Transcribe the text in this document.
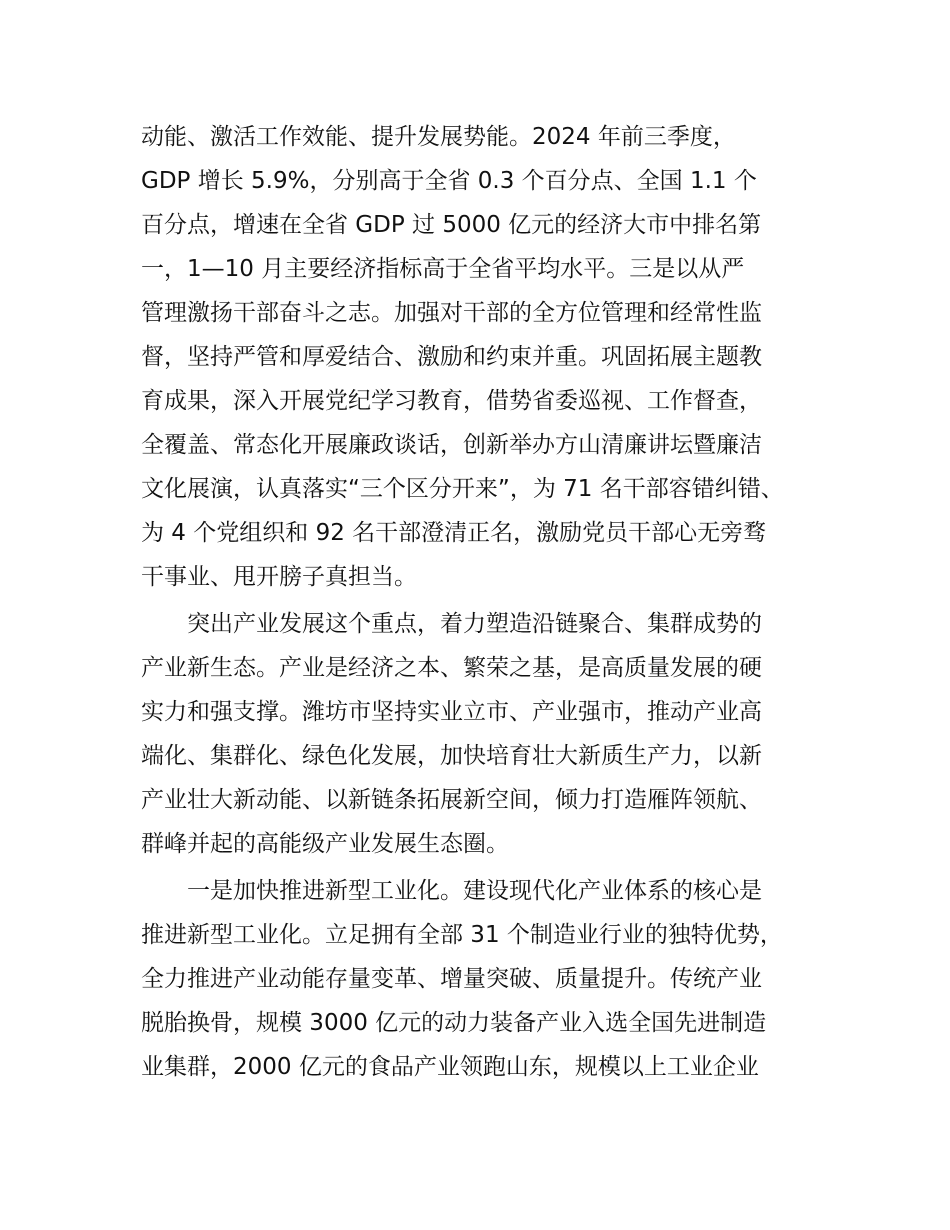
动能、激活工作效能、提升发展势能。2024 年前三季度，
GDP 增长 5.9%，分别高于全省 0.3 个百分点、全国 1.1 个
百分点，增速在全省 GDP 过 5000 亿元的经济大市中排名第
一，1—10 月主要经济指标高于全省平均水平。三是以从严
管理激扬干部奋斗之志。加强对干部的全方位管理和经常性监
督，坚持严管和厚爱结合、激励和约束并重。巩固拓展主题教
育成果，深入开展党纪学习教育，借势省委巡视、工作督查，
全覆盖、常态化开展廉政谈话，创新举办方山清廉讲坛暨廉洁
文化展演，认真落实“三个区分开来”，为 71 名干部容错纠错、
为 4 个党组织和 92 名干部澄清正名，激励党员干部心无旁骛
干事业、甩开膀子真担当。
　　突出产业发展这个重点，着力塑造沿链聚合、集群成势的
产业新生态。产业是经济之本、繁荣之基，是高质量发展的硬
实力和强支撑。潍坊市坚持实业立市、产业强市，推动产业高
端化、集群化、绿色化发展，加快培育壮大新质生产力，以新
产业壮大新动能、以新链条拓展新空间，倾力打造雁阵领航、
群峰并起的高能级产业发展生态圈。
　　一是加快推进新型工业化。建设现代化产业体系的核心是
推进新型工业化。立足拥有全部 31 个制造业行业的独特优势，
全力推进产业动能存量变革、增量突破、质量提升。传统产业
脱胎换骨，规模 3000 亿元的动力装备产业入选全国先进制造
业集群，2000 亿元的食品产业领跑山东，规模以上工业企业
